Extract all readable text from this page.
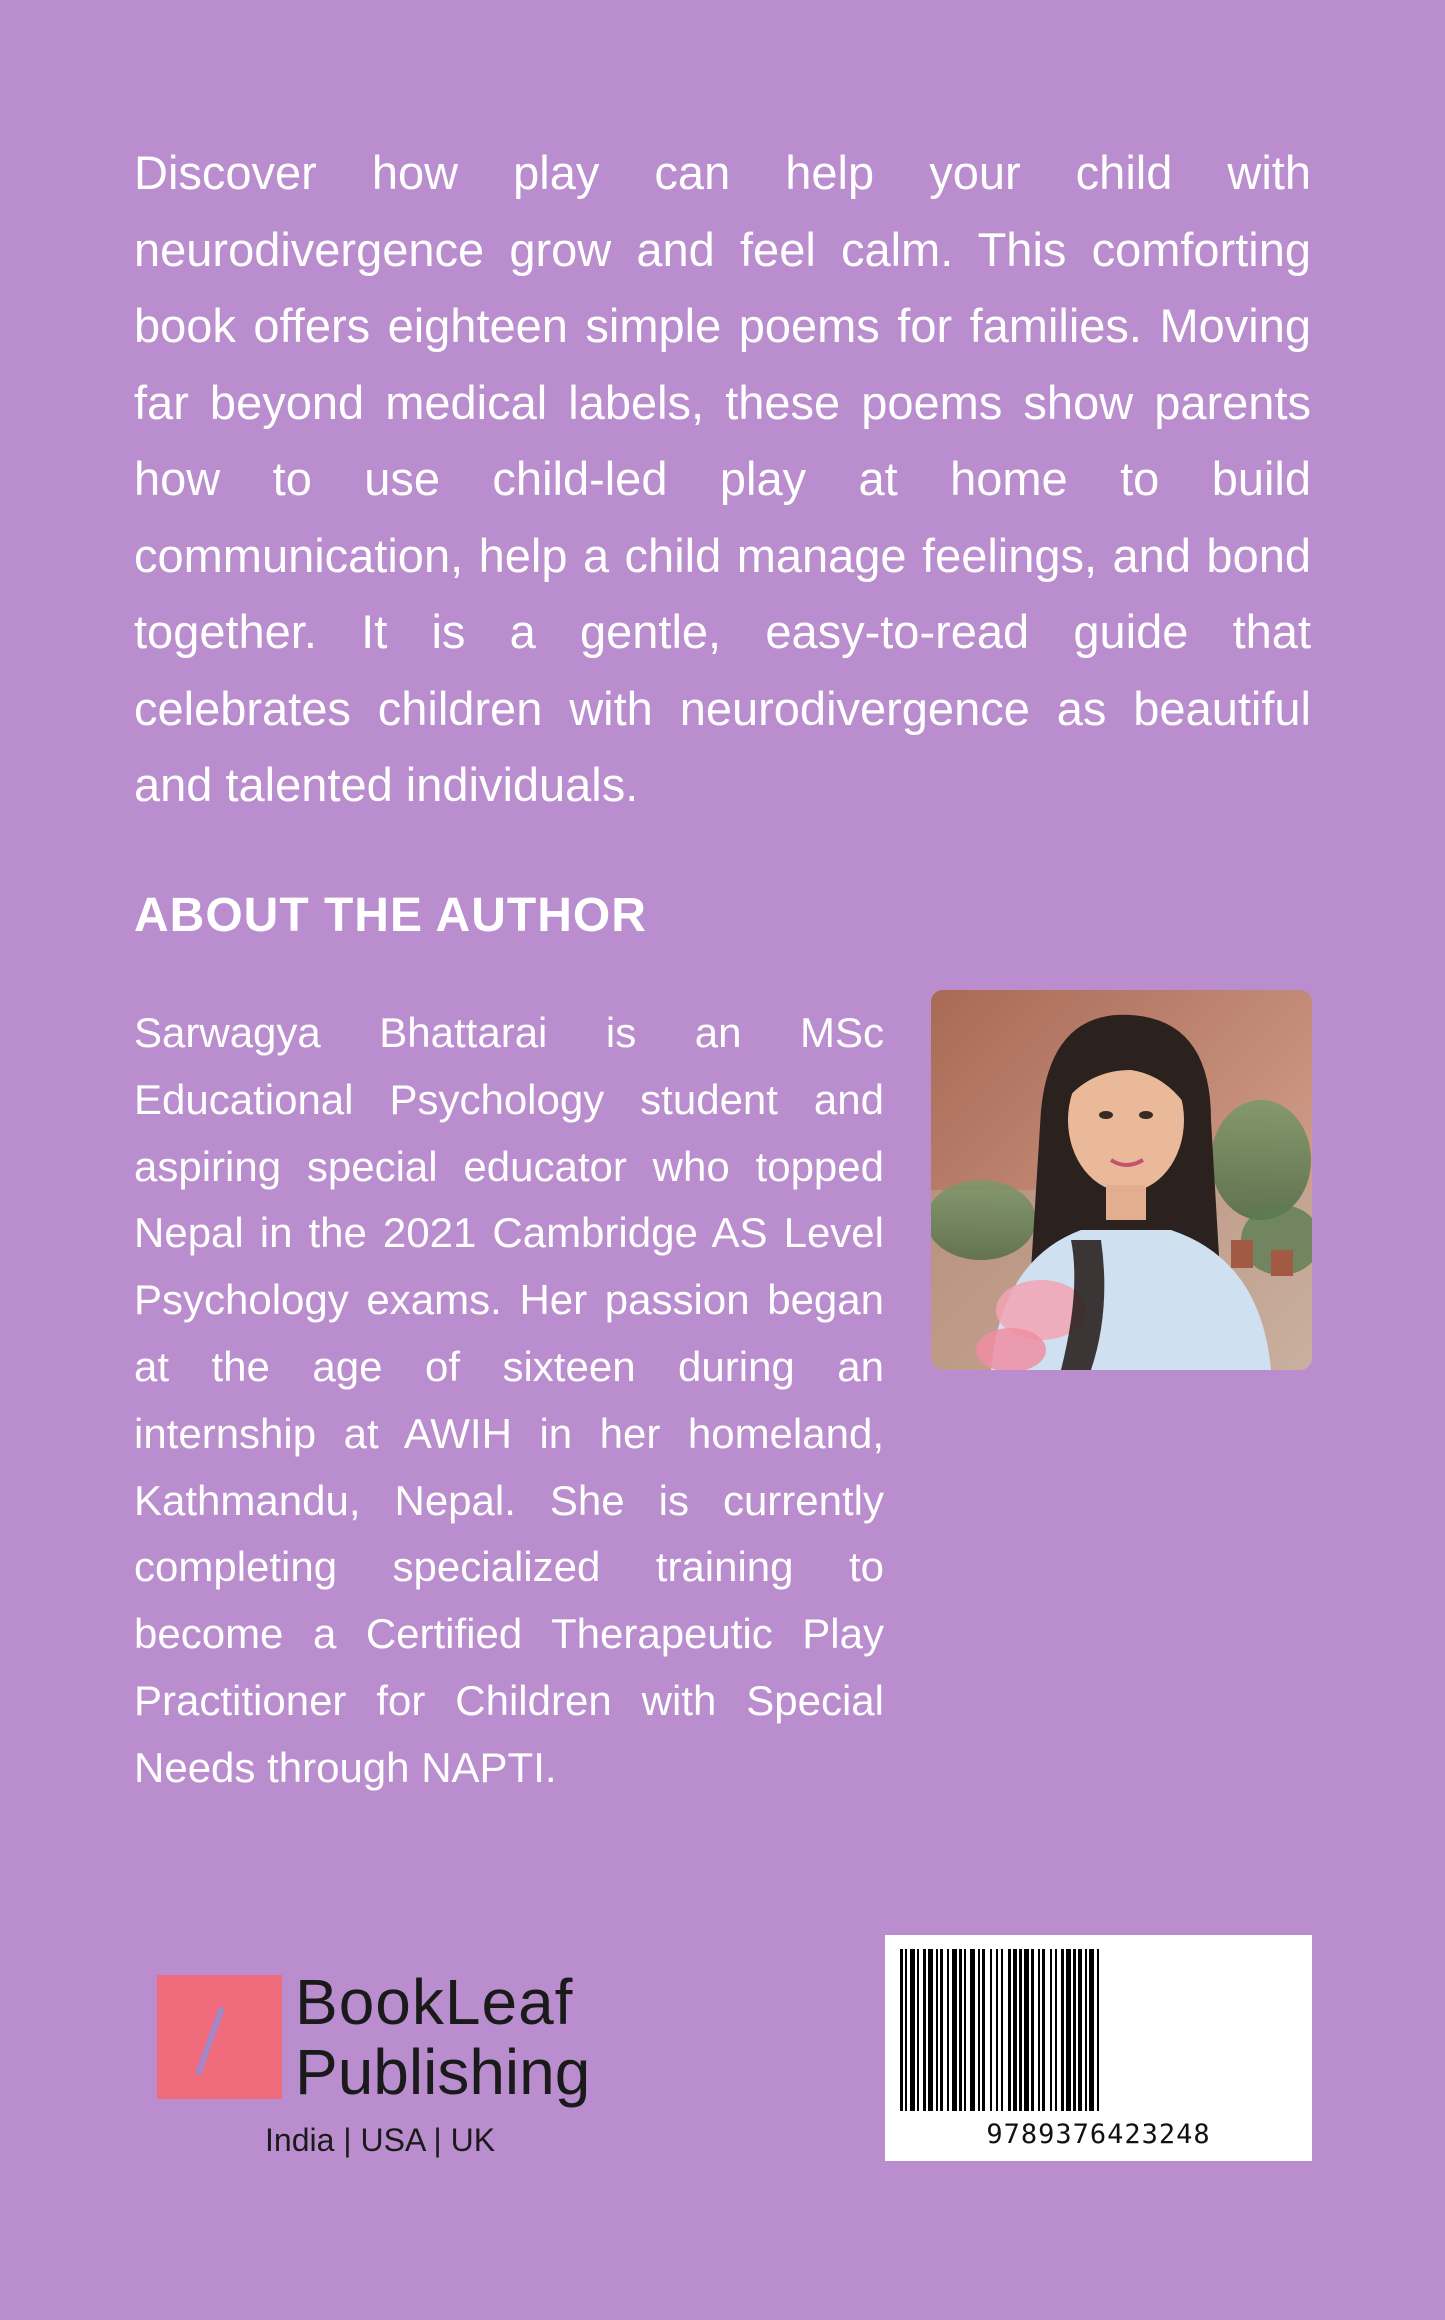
Discover how play can help your child with neurodivergence grow and feel calm. This comforting book offers eighteen simple poems for families. Moving far beyond medical labels, these poems show parents how to use child-led play at home to build communication, help a child manage feelings, and bond together. It is a gentle, easy-to-read guide that celebrates children with neurodivergence as beautiful and talented individuals.

ABOUT THE AUTHOR

Sarwagya Bhattarai is an MSc Educational Psychology student and aspiring special educator who topped Nepal in the 2021 Cambridge AS Level Psychology exams. Her passion began at the age of sixteen during an internship at AWIH in her homeland, Kathmandu, Nepal. She is currently completing specialized training to become a Certified Therapeutic Play Practitioner for Children with Special Needs through NAPTI.

BookLeaf
Publishing
India | USA | UK	9789376423248
